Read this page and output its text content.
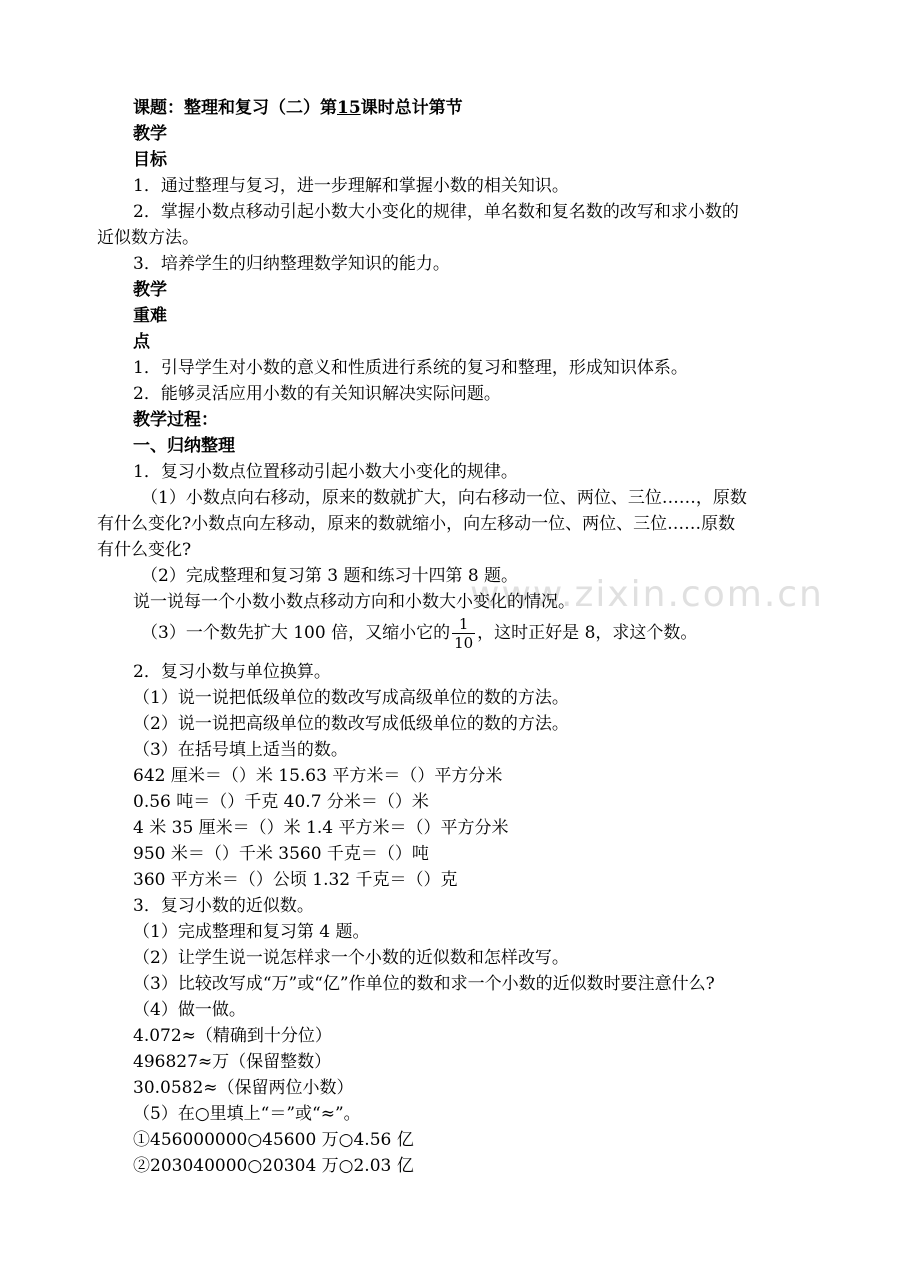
www.zixin.com.cn
课题：整理和复习（二）第15课时总计第节
教学
目标
1．通过整理与复习，进一步理解和掌握小数的相关知识。
2．掌握小数点移动引起小数大小变化的规律，单名数和复名数的改写和求小数的
近似数方法。
3．培养学生的归纳整理数学知识的能力。
教学
重难
点
1．引导学生对小数的意义和性质进行系统的复习和整理，形成知识体系。
2．能够灵活应用小数的有关知识解决实际问题。
教学过程：
一、归纳整理
1．复习小数点位置移动引起小数大小变化的规律。
（1）小数点向右移动，原来的数就扩大，向右移动一位、两位、三位……，原数
有什么变化?小数点向左移动，原来的数就缩小，向左移动一位、两位、三位……原数
有什么变化?
（2）完成整理和复习第 3 题和练习十四第 8 题。
说一说每一个小数小数点移动方向和小数大小变化的情况。
（3）一个数先扩大 100 倍，又缩小它的 $\frac{1}{10}$ ，这时正好是 8，求这个数。
2．复习小数与单位换算。
（1）说一说把低级单位的数改写成高级单位的数的方法。
（2）说一说把高级单位的数改写成低级单位的数的方法。
（3）在括号填上适当的数。
642 厘米＝（）米 15.63 平方米＝（）平方分米
0.56 吨＝（）千克 40.7 分米＝（）米
4 米 35 厘米＝（）米 1.4 平方米＝（）平方分米
950 米＝（）千米 3560 千克＝（）吨
360 平方米＝（）公顷 1.32 千克＝（）克
3．复习小数的近似数。
（1）完成整理和复习第 4 题。
（2）让学生说一说怎样求一个小数的近似数和怎样改写。
（3）比较改写成“万”或“亿”作单位的数和求一个小数的近似数时要注意什么?
（4）做一做。
4.072≈（精确到十分位）
496827≈万（保留整数）
30.0582≈（保留两位小数）
（5）在○里填上“＝”或“≈”。
①456000000○45600 万○4.56 亿
②203040000○20304 万○2.03 亿
